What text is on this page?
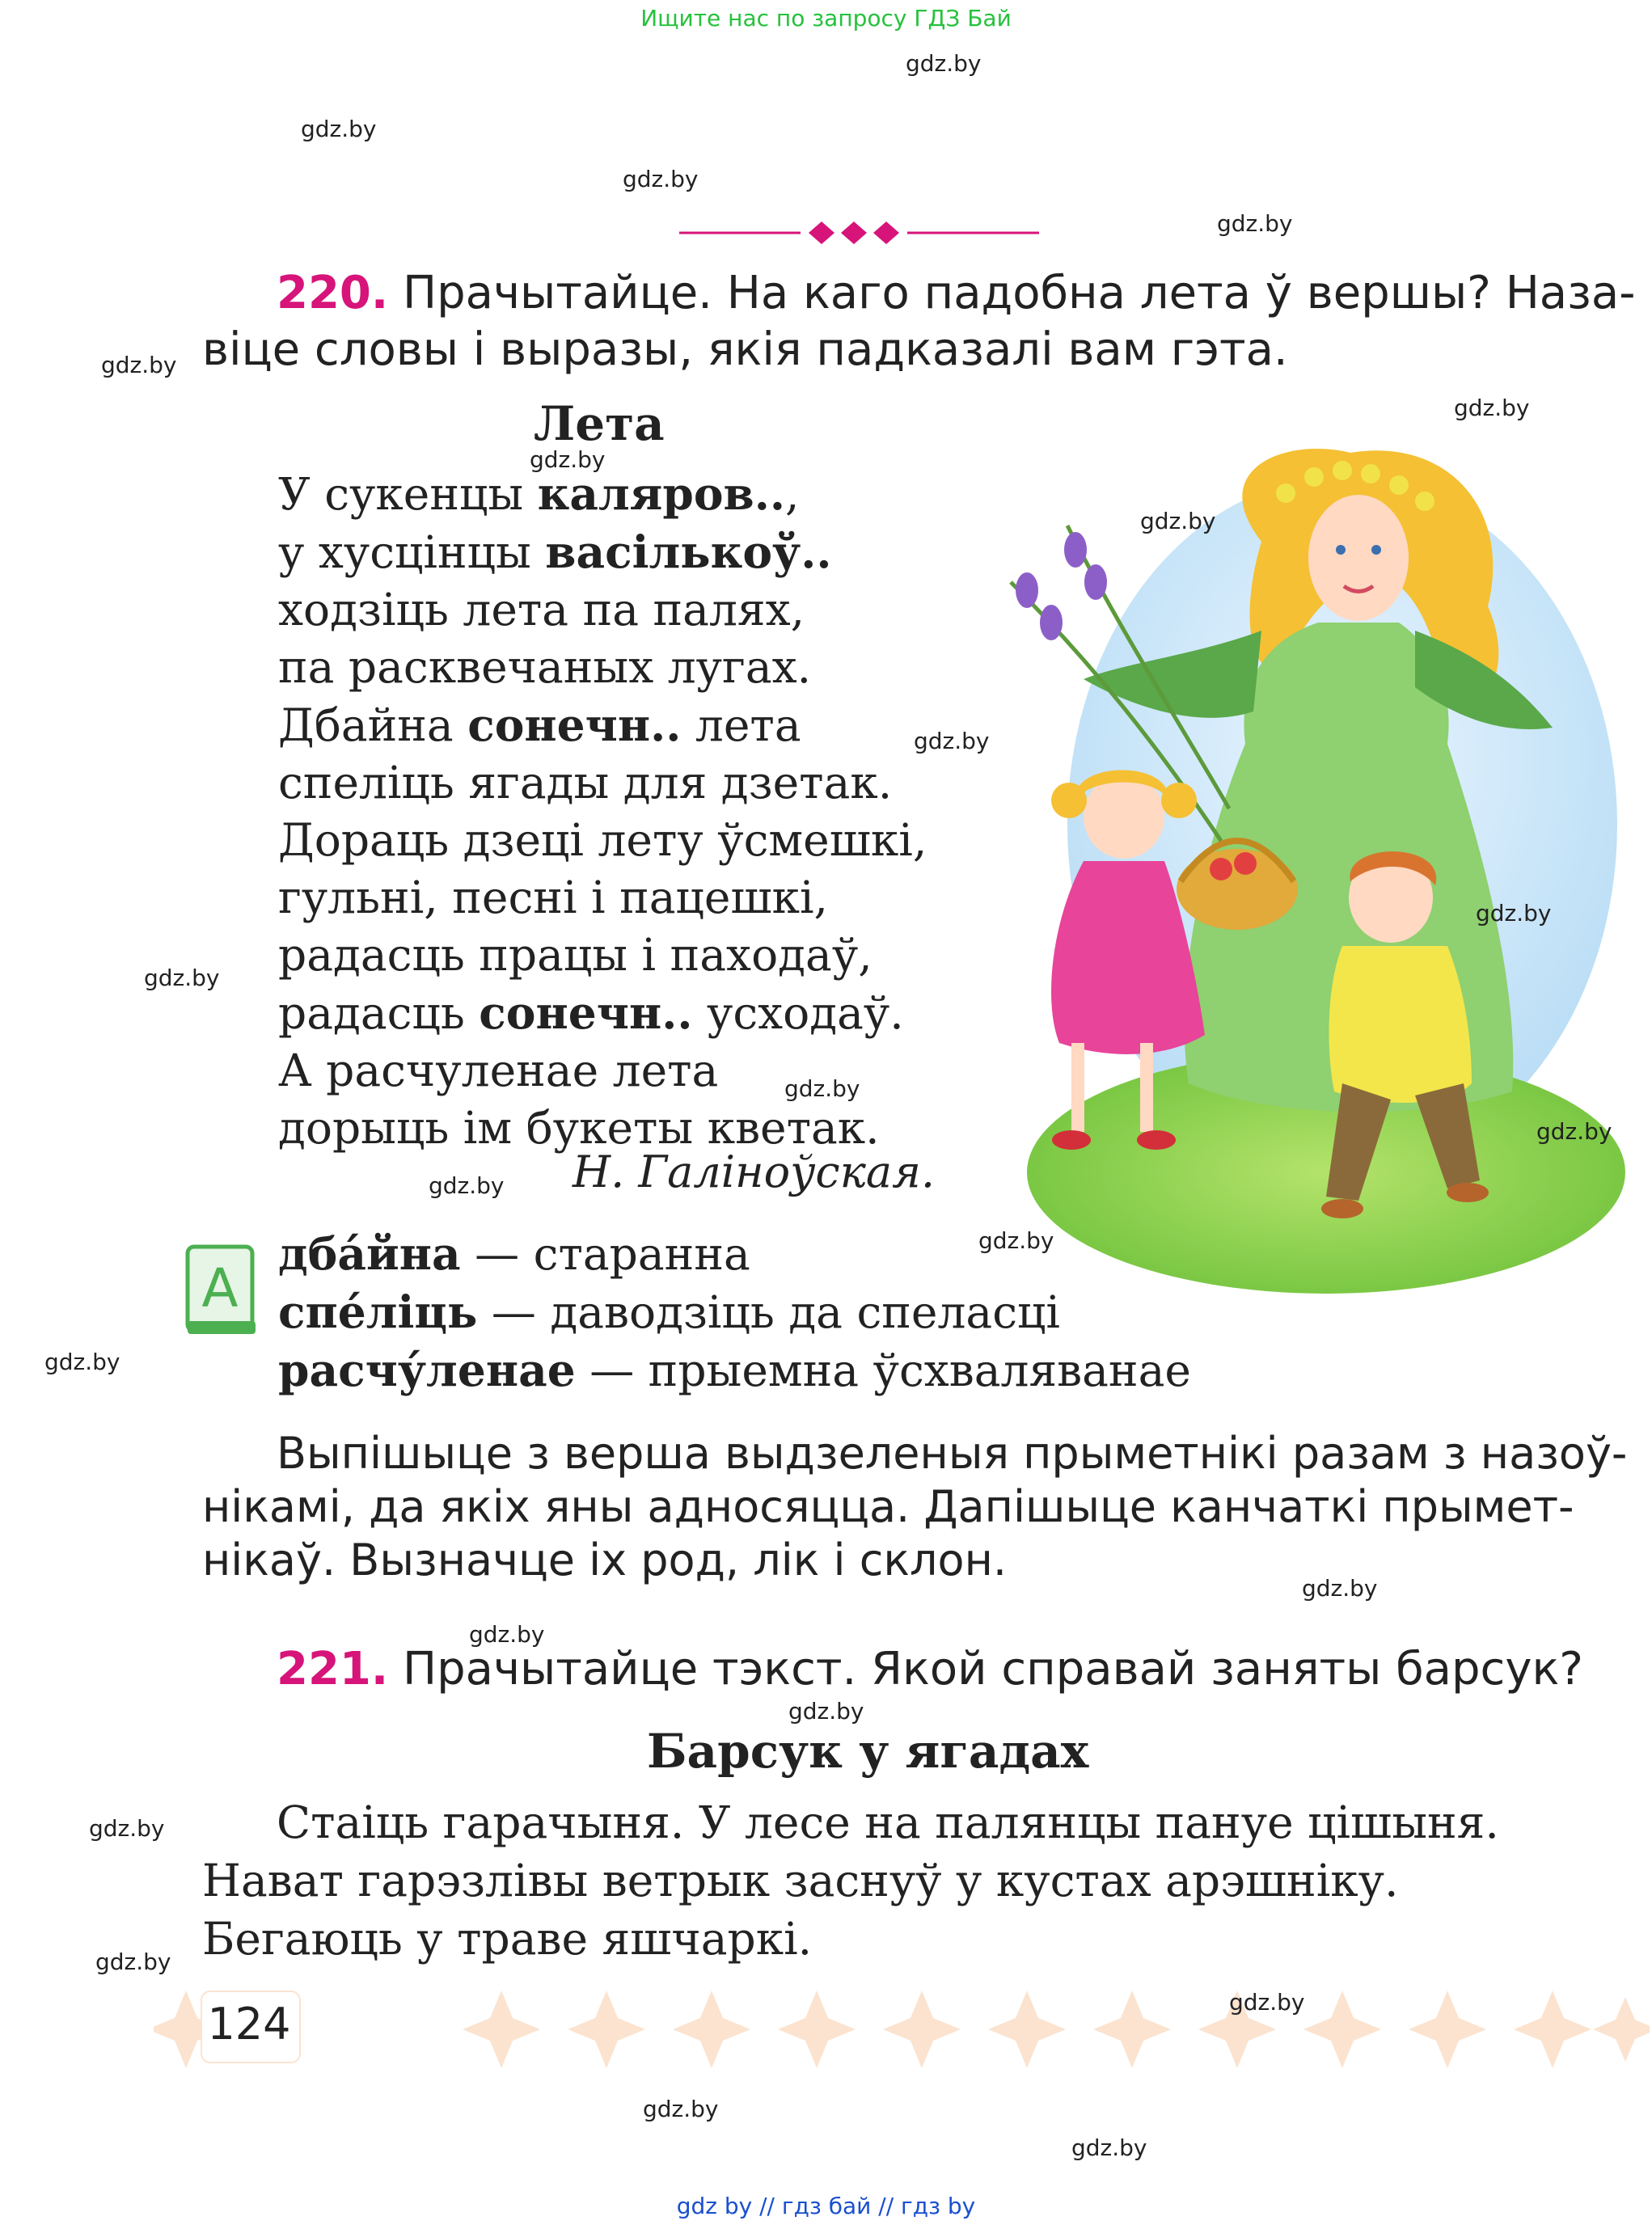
Ищите нас по запросу ГДЗ Бай
220. Прачытайце. На каго падобна лета ў вершы? Наза-
віце словы і выразы, якія падказалі вам гэта.
Лета
У сукенцы каляров..,
у хусцінцы васількоў..
ходзіць лета па палях,
па расквечаных лугах.
Дбайна сонечн.. лета
спеліць ягады для дзетак.
Дораць дзеці лету ўсмешкі,
гульні, песні і пацешкі,
радасць працы і паходаў,
радасць сонечн.. усходаў.
А расчуленае лета
дорыць ім букеты кветак.
Н. Галіноўская.
A
дба́йна — старанна
спе́ліць — даводзіць да спеласці
расчу́ленае — прыемна ўсхваляванае
Выпішыце з верша выдзеленыя прыметнікі разам з назоў-
нікамі, да якіх яны адносяцца. Дапішыце канчаткі прымет-
нікаў. Вызначце іх род, лік і склон.
221. Прачытайце тэкст. Якой справай заняты барсук?
Барсук у ягадах

Стаіць гарачыня. У лесе на палянцы пануе цішыня.

Нават гарэзлівы ветрык заснуў у кустах арэшніку.

Бегаюць у траве яшчаркі.

124
gdz.by
gdz.by
gdz.by
gdz.by
gdz.by
gdz.by
gdz.by
gdz.by
gdz.by
gdz.by
gdz.by
gdz.by
gdz.by
gdz.by
gdz.by
gdz.by
gdz.by
gdz.by
gdz.by
gdz.by
gdz.by
gdz.by
gdz.by
gdz.by
gdz by // гдз бай // гдз by
